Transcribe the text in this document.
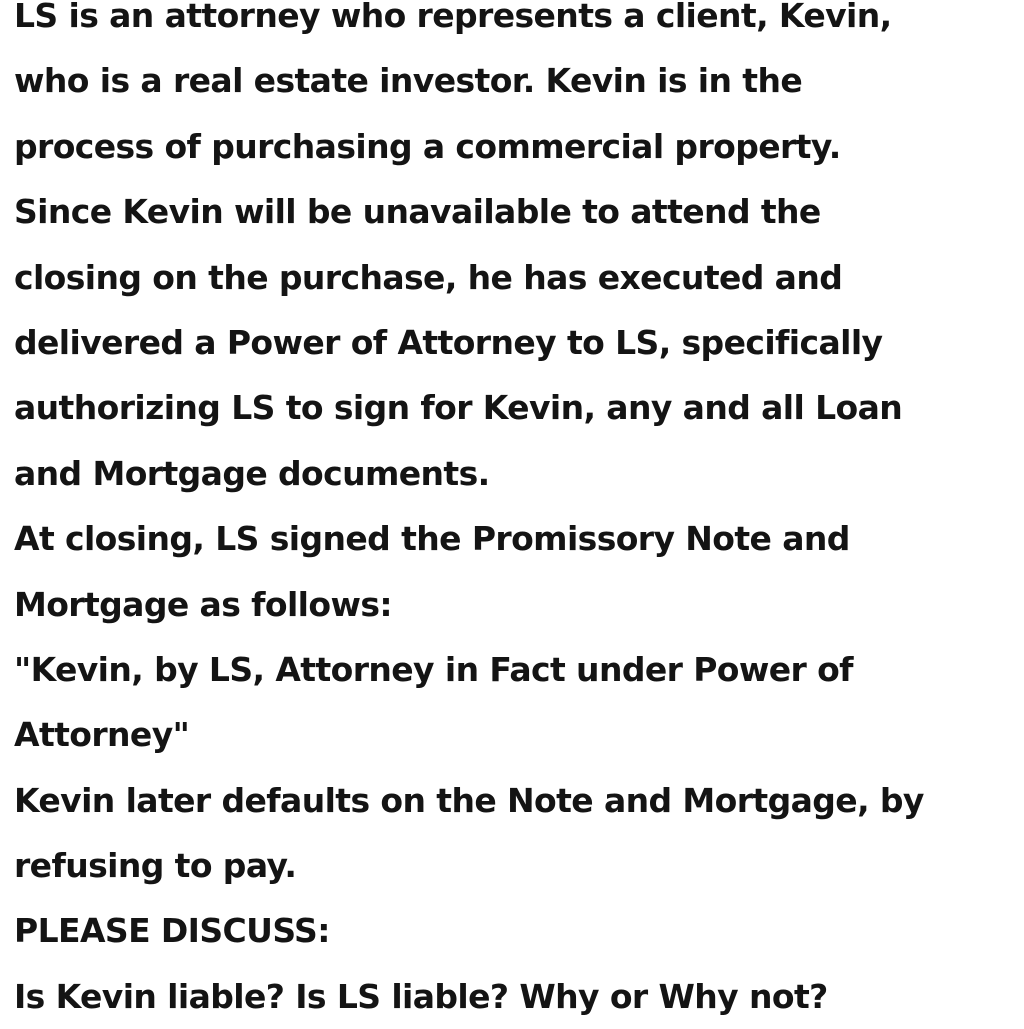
LS is an attorney who represents a client, Kevin,
who is a real estate investor. Kevin is in the
process of purchasing a commercial property.
Since Kevin will be unavailable to attend the
closing on the purchase, he has executed and
delivered a Power of Attorney to LS, specifically
authorizing LS to sign for Kevin, any and all Loan
and Mortgage documents.
At closing, LS signed the Promissory Note and
Mortgage as follows:
"Kevin, by LS, Attorney in Fact under Power of
Attorney"
Kevin later defaults on the Note and Mortgage, by
refusing to pay.
PLEASE DISCUSS:
Is Kevin liable? Is LS liable? Why or Why not?
